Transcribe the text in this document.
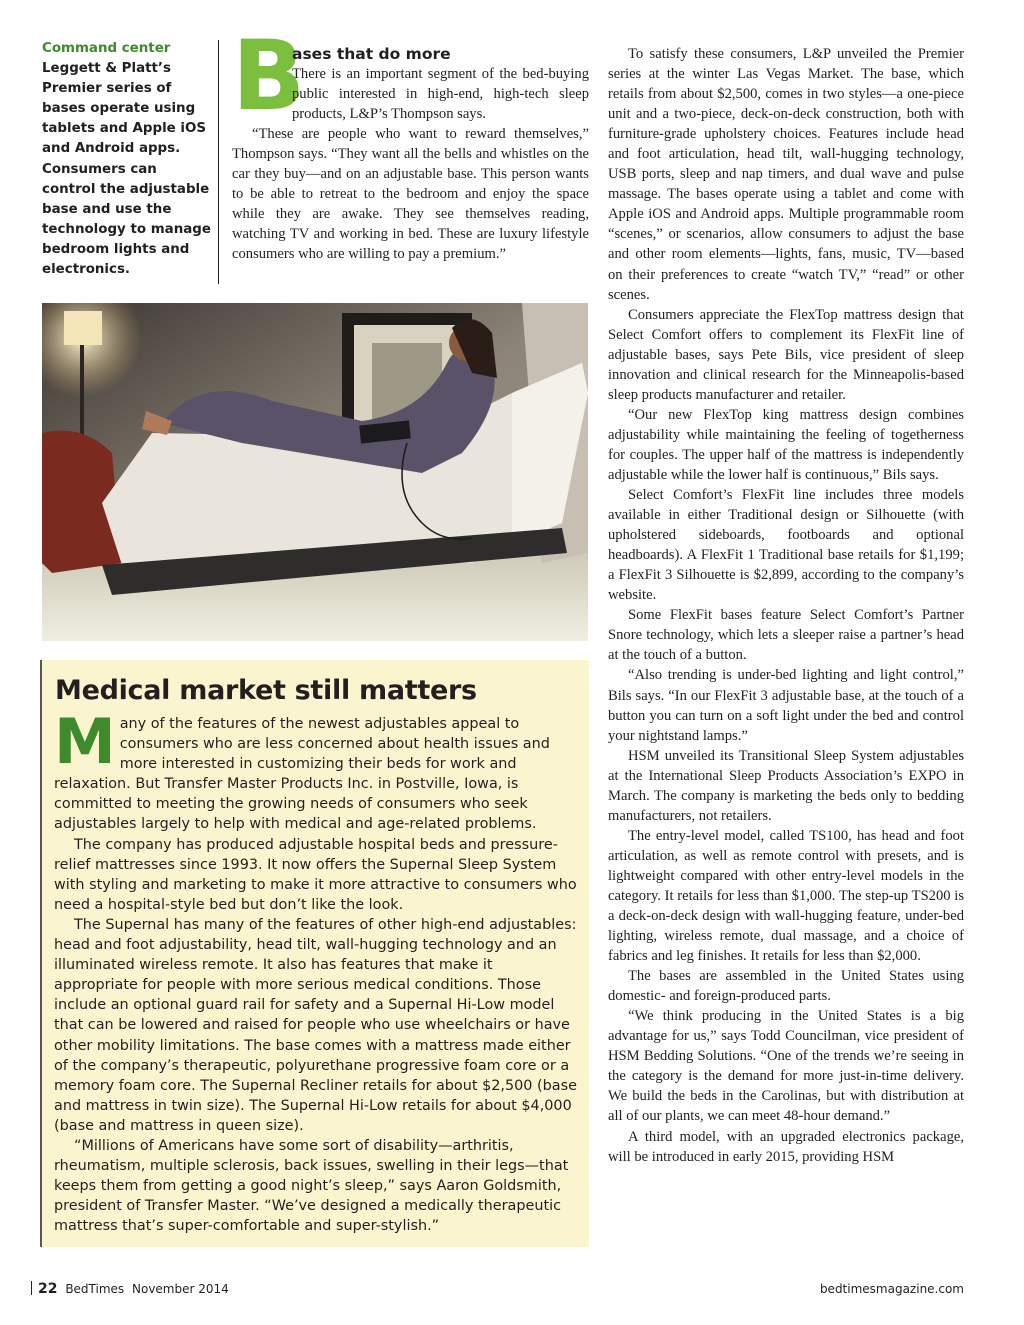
Command center
Leggett & Platt’s Premier series of bases operate using tablets and Apple iOS and Android apps. Consumers can control the adjustable base and use the technology to manage bedroom lights and electronics.
B
ases that do more

There is an important segment of the bed-buying public interested in high-end, high-tech sleep products, L&P’s Thompson says.

“These are people who want to reward themselves,” Thompson says. “They want all the bells and whistles on the car they buy—and on an adjustable base. This person wants to be able to retreat to the bedroom and enjoy the space while they are awake. They see themselves reading, watching TV and working in bed. These are luxury lifestyle consumers who are willing to pay a premium.”

Medical market still matters

Many of the features of the newest adjustables appeal to consumers who are less concerned about health issues and more interested in customizing their beds for work and relaxation. But Transfer Master Products Inc. in Postville, Iowa, is committed to meeting the growing needs of consumers who seek adjustables largely to help with medical and age-related problems.

The company has produced adjustable hospital beds and pressure-relief mattresses since 1993. It now offers the Supernal Sleep System with styling and marketing to make it more attractive to consumers who need a hospital-style bed but don’t like the look.

The Supernal has many of the features of other high-end adjustables: head and foot adjustability, head tilt, wall-hugging technology and an illuminated wireless remote. It also has features that make it appropriate for people with more serious medical conditions. Those include an optional guard rail for safety and a Supernal Hi-Low model that can be lowered and raised for people who use wheelchairs or have other mobility limitations. The base comes with a mattress made either of the company’s therapeutic, polyurethane progressive foam core or a memory foam core. The Supernal Recliner retails for about $2,500 (base and mattress in twin size). The Supernal Hi-Low retails for about $4,000 (base and mattress in queen size).

“Millions of Americans have some sort of disability—arthritis, rheumatism, multiple sclerosis, back issues, swelling in their legs—that keeps them from getting a good night’s sleep,” says Aaron Goldsmith, president of Transfer Master. “We’ve designed a medically therapeutic mattress that’s super-comfortable and super-stylish.”

To satisfy these consumers, L&P unveiled the Premier series at the winter Las Vegas Market. The base, which retails from about $2,500, comes in two styles—a one-piece unit and a two-piece, deck-on-deck construction, both with furniture-grade upholstery choices. Features include head and foot articulation, head tilt, wall-hugging technology, USB ports, sleep and nap timers, and dual wave and pulse massage. The bases operate using a tablet and come with Apple iOS and Android apps. Multiple programmable room “scenes,” or scenarios, allow consumers to adjust the base and other room elements—lights, fans, music, TV—based on their preferences to create “watch TV,” “read” or other scenes.

Consumers appreciate the FlexTop mattress design that Select Comfort offers to complement its FlexFit line of adjustable bases, says Pete Bils, vice president of sleep innovation and clinical research for the Minneapolis-based sleep products manufacturer and retailer.

“Our new FlexTop king mattress design combines adjustability while maintaining the feeling of togetherness for couples. The upper half of the mattress is independently adjustable while the lower half is continuous,” Bils says.

Select Comfort’s FlexFit line includes three models available in either Traditional design or Silhouette (with upholstered sideboards, footboards and optional headboards). A FlexFit 1 Traditional base retails for $1,199; a FlexFit 3 Silhouette is $2,899, according to the company’s website.

Some FlexFit bases feature Select Comfort’s Partner Snore technology, which lets a sleeper raise a partner’s head at the touch of a button.

“Also trending is under-bed lighting and light control,” Bils says. “In our FlexFit 3 adjustable base, at the touch of a button you can turn on a soft light under the bed and control your nightstand lamps.”

HSM unveiled its Transitional Sleep System adjustables at the International Sleep Products Association’s EXPO in March. The company is marketing the beds only to bedding manufacturers, not retailers.

The entry-level model, called TS100, has head and foot articulation, as well as remote control with presets, and is lightweight compared with other entry-level models in the category. It retails for less than $1,000. The step-up TS200 is a deck-on-deck design with wall-hugging feature, under-bed lighting, wireless remote, dual massage, and a choice of fabrics and leg finishes. It retails for less than $2,000.

The bases are assembled in the United States using domestic- and foreign-produced parts.

“We think producing in the United States is a big advantage for us,” says Todd Councilman, vice president of HSM Bedding Solutions. “One of the trends we’re seeing in the category is the demand for more just-in-time delivery. We build the beds in the Carolinas, but with distribution at all of our plants, we can meet 48-hour demand.”

A third model, with an upgraded electronics package, will be introduced in early 2015, providing HSM

22 BedTimes November 2014	bedtimesmagazine.com
